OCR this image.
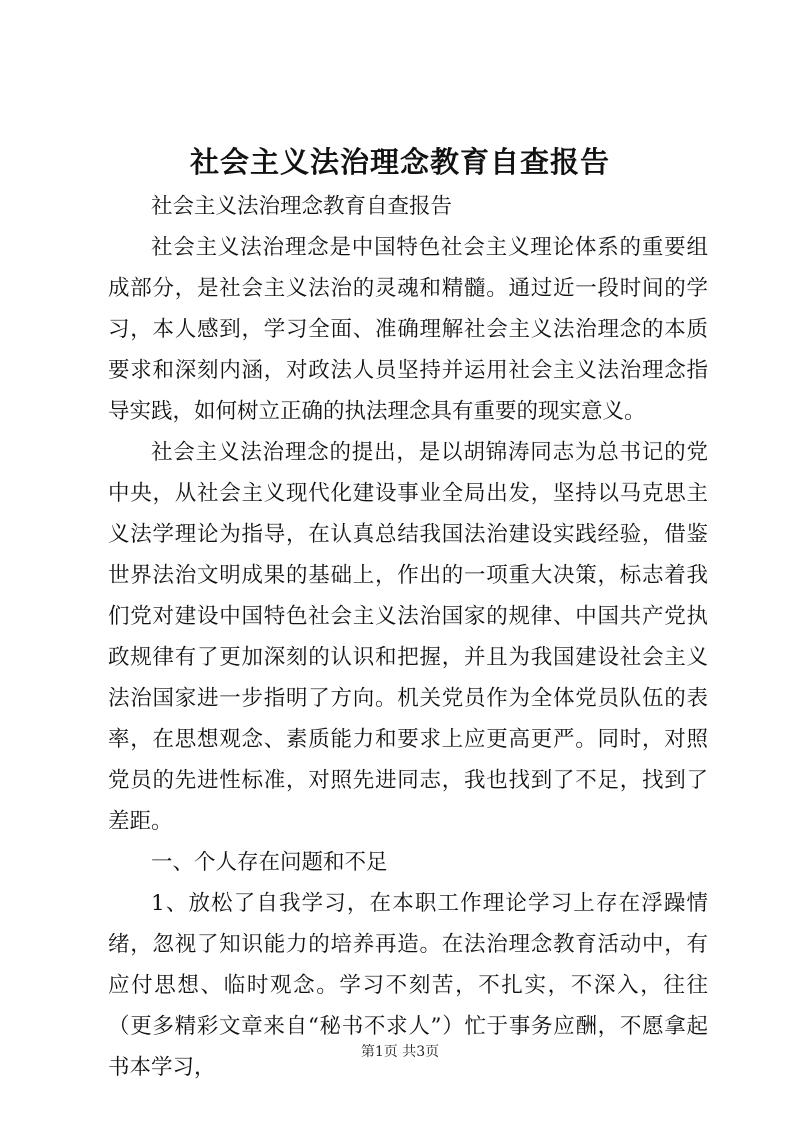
社会主义法治理念教育自查报告

社会主义法治理念教育自查报告

社会主义法治理念是中国特色社会主义理论体系的重要组成部分，是社会主义法治的灵魂和精髓。通过近一段时间的学习，本人感到，学习全面、准确理解社会主义法治理念的本质要求和深刻内涵，对政法人员坚持并运用社会主义法治理念指导实践，如何树立正确的执法理念具有重要的现实意义。

社会主义法治理念的提出，是以胡锦涛同志为总书记的党中央，从社会主义现代化建设事业全局出发，坚持以马克思主义法学理论为指导，在认真总结我国法治建设实践经验，借鉴世界法治文明成果的基础上，作出的一项重大决策，标志着我们党对建设中国特色社会主义法治国家的规律、中国共产党执政规律有了更加深刻的认识和把握，并且为我国建设社会主义法治国家进一步指明了方向。机关党员作为全体党员队伍的表率，在思想观念、素质能力和要求上应更高更严。同时，对照党员的先进性标准，对照先进同志，我也找到了不足，找到了差距。

一、个人存在问题和不足

1、放松了自我学习，在本职工作理论学习上存在浮躁情绪，忽视了知识能力的培养再造。在法治理念教育活动中，有应付思想、临时观念。学习不刻苦，不扎实，不深入，往往（更多精彩文章来自“秘书不求人”）忙于事务应酬，不愿拿起书本学习，

第1页 共3页
